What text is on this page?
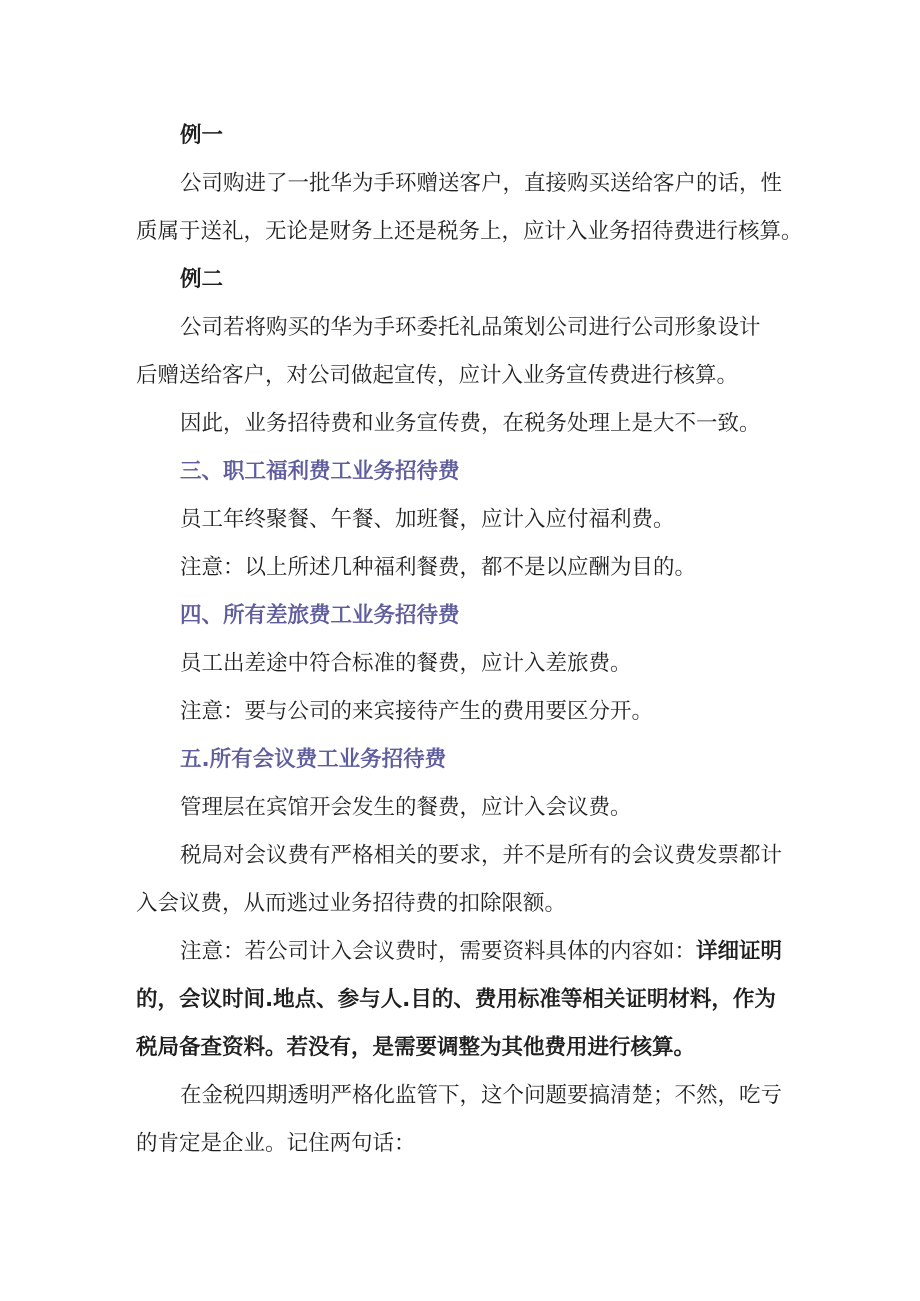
例一
公司购进了一批华为手环赠送客户，直接购买送给客户的话，性
质属于送礼，无论是财务上还是税务上，应计入业务招待费进行核算。
例二
公司若将购买的华为手环委托礼品策划公司进行公司形象设计
后赠送给客户，对公司做起宣传，应计入业务宣传费进行核算。
因此，业务招待费和业务宣传费，在税务处理上是大不一致。
三、职工福利费工业务招待费
员工年终聚餐、午餐、加班餐，应计入应付福利费。
注意：以上所述几种福利餐费，都不是以应酬为目的。
四、所有差旅费工业务招待费
员工出差途中符合标准的餐费，应计入差旅费。
注意：要与公司的来宾接待产生的费用要区分开。
五.所有会议费工业务招待费
管理层在宾馆开会发生的餐费，应计入会议费。
税局对会议费有严格相关的要求，并不是所有的会议费发票都计
入会议费，从而逃过业务招待费的扣除限额。
注意：若公司计入会议费时，需要资料具体的内容如：详细证明
的，会议时间.地点、参与人.目的、费用标准等相关证明材料，作为
税局备查资料。若没有，是需要调整为其他费用进行核算。
在金税四期透明严格化监管下，这个问题要搞清楚；不然，吃亏
的肯定是企业。记住两句话：
